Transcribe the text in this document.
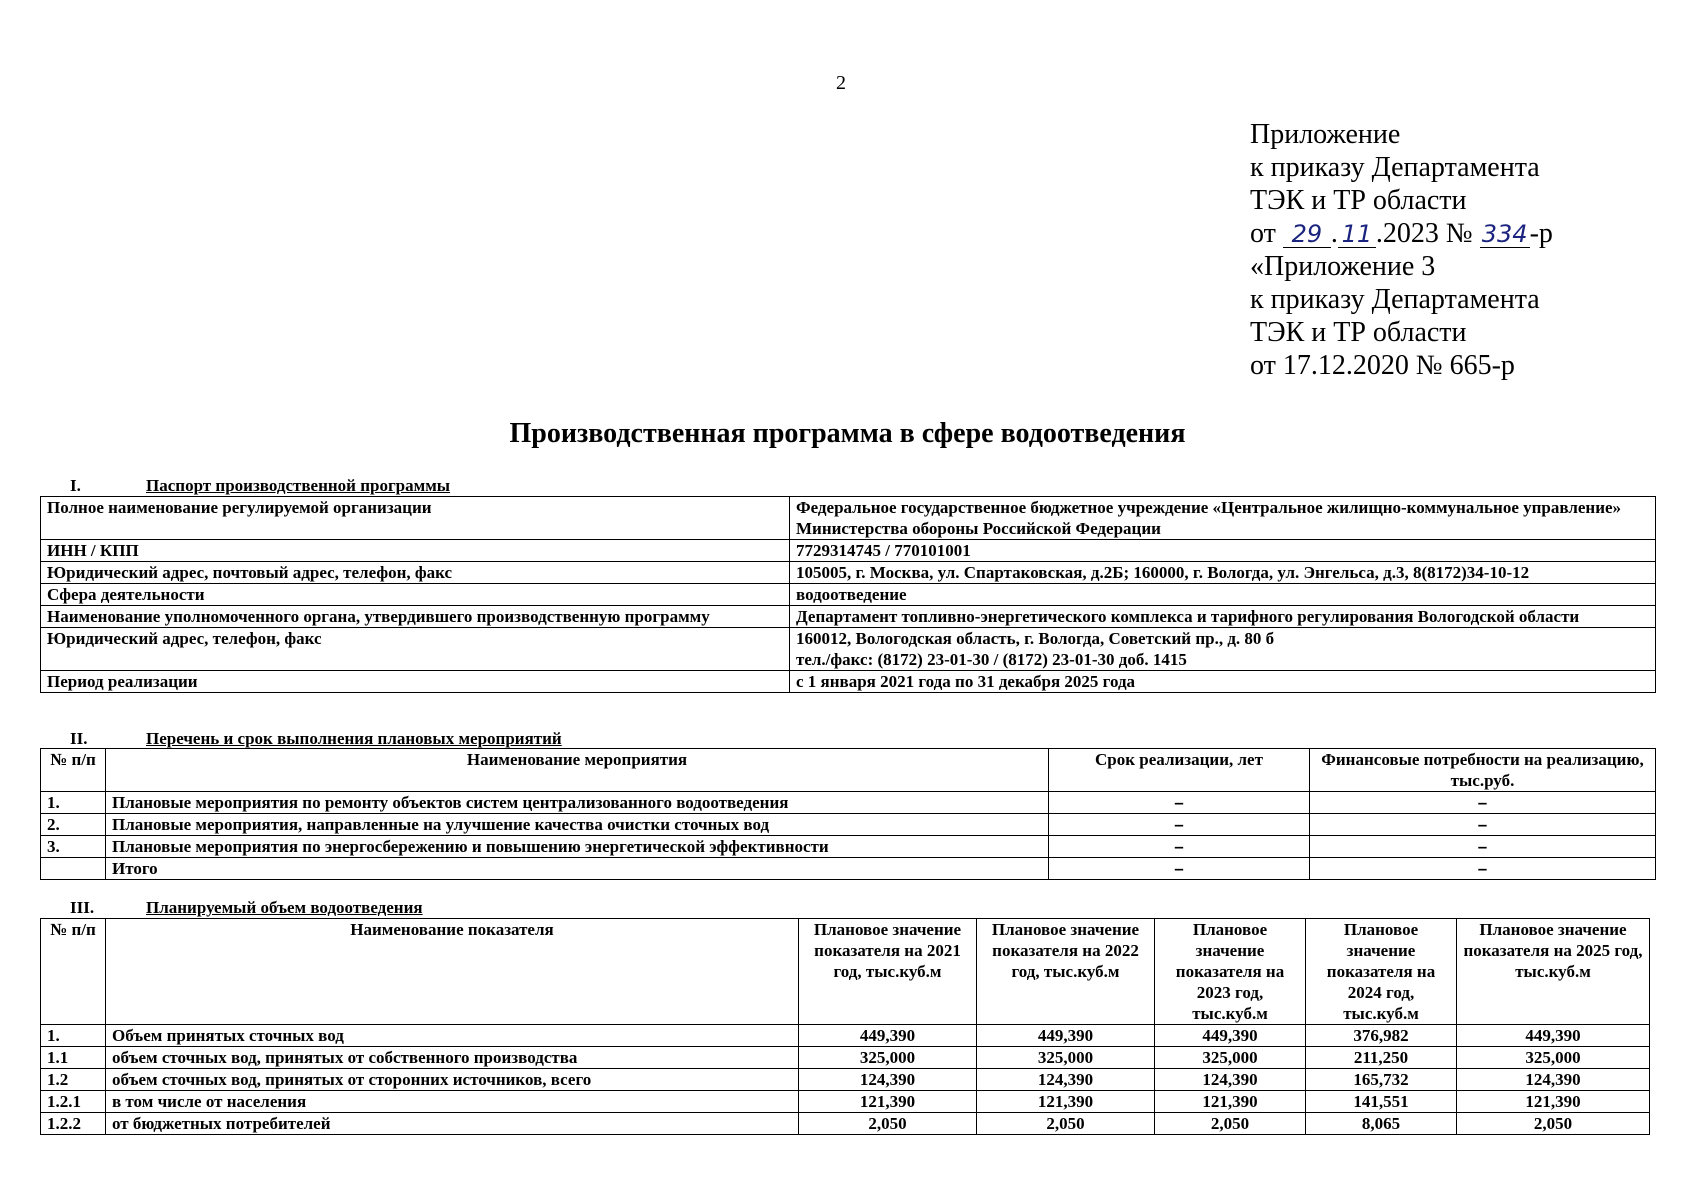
2
Приложение
к приказу Департамента
ТЭК и ТР области
от 29 . 11 .2023 № 334-р
«Приложение 3
к приказу Департамента
ТЭК и ТР области
от 17.12.2020 № 665-р
Производственная программа в сфере водоотведения
I.	Паспорт производственной программы
Полное наименование регулируемой организации	Федеральное государственное бюджетное учреждение «Центральное жилищно-коммунальное управление» Министерства обороны Российской Федерации
ИНН / КПП	7729314745 / 770101001
Юридический адрес, почтовый адрес, телефон, факс	105005, г. Москва, ул. Спартаковская, д.2Б; 160000, г. Вологда, ул. Энгельса, д.3, 8(8172)34-10-12
Сфера деятельности	водоотведение
Наименование уполномоченного органа, утвердившего производственную программу	Департамент топливно-энергетического комплекса и тарифного регулирования Вологодской области
Юридический адрес, телефон, факс	160012, Вологодская область, г. Вологда, Советский пр., д. 80 б
тел./факс: (8172) 23-01-30 / (8172) 23-01-30 доб. 1415

Период реализации	с 1 января 2021 года по 31 декабря 2025 года
II.	Перечень и срок выполнения плановых мероприятий
№ п/п	Наименование мероприятия	Срок реализации, лет	Финансовые потребности на реализацию, тыс.руб.
1.	Плановые мероприятия по ремонту объектов систем централизованного водоотведения	–	–
2.	Плановые мероприятия, направленные на улучшение качества очистки сточных вод	–	–
3.	Плановые мероприятия по энергосбережению и повышению энергетической эффективности	–	–
	Итого	–	–
III.	Планируемый объем водоотведения
№ п/п	Наименование показателя	Плановое значение показателя на 2021 год, тыс.куб.м	Плановое значение показателя на 2022 год, тыс.куб.м	Плановое значение показателя на 2023 год, тыс.куб.м	Плановое значение показателя на 2024 год, тыс.куб.м	Плановое значение показателя на 2025 год, тыс.куб.м
1.	Объем принятых сточных вод	449,390	449,390	449,390	376,982	449,390
1.1	объем сточных вод, принятых от собственного производства	325,000	325,000	325,000	211,250	325,000
1.2	объем сточных вод, принятых от сторонних источников, всего	124,390	124,390	124,390	165,732	124,390
1.2.1	в том числе от населения	121,390	121,390	121,390	141,551	121,390
1.2.2	от бюджетных потребителей	2,050	2,050	2,050	8,065	2,050
